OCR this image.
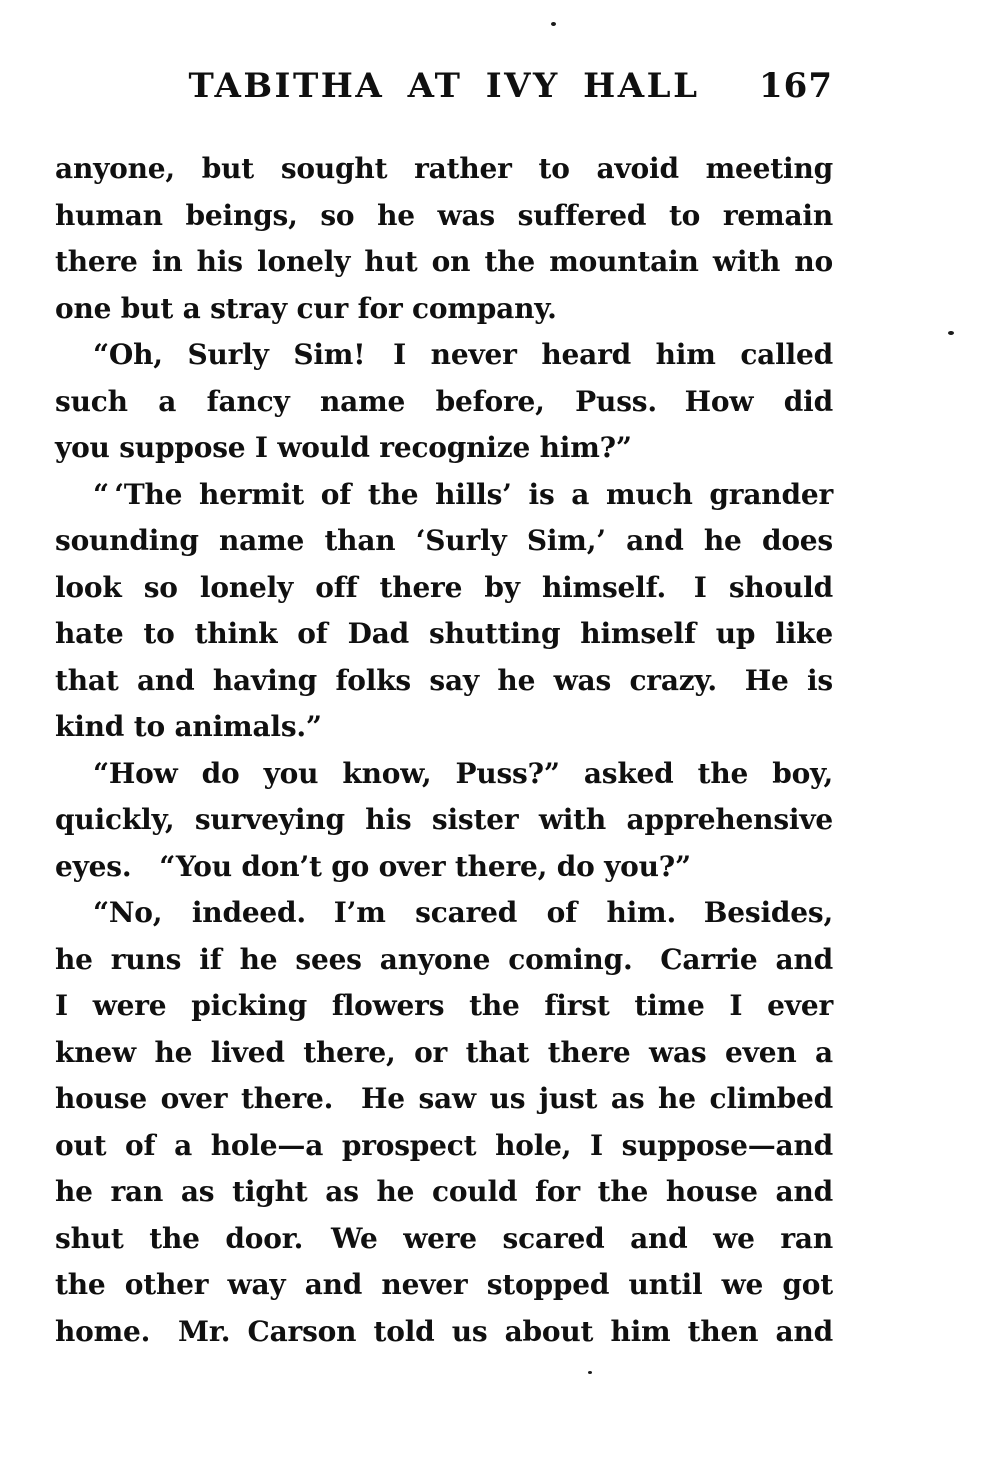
TABITHA AT IVY HALL	167
anyone, but sought rather to avoid meeting
human beings, so he was suffered to remain
there in his lonely hut on the mountain with no
one but a stray cur for company.
“Oh, Surly Sim! I never heard him called
such a fancy name before, Puss. How did
you suppose I would recognize him?”
“ ‘The hermit of the hills’ is a much grander
sounding name than ‘Surly Sim,’ and he does
look so lonely off there by himself. I should
hate to think of Dad shutting himself up like
that and having folks say he was crazy. He is
kind to animals.”
“How do you know, Puss?” asked the boy,
quickly, surveying his sister with apprehensive
eyes. “You don’t go over there, do you?”
“No, indeed. I’m scared of him. Besides,
he runs if he sees anyone coming. Carrie and
I were picking flowers the first time I ever
knew he lived there, or that there was even a
house over there. He saw us just as he climbed
out of a hole—a prospect hole, I suppose—and
he ran as tight as he could for the house and
shut the door. We were scared and we ran
the other way and never stopped until we got
home. Mr. Carson told us about him then and
